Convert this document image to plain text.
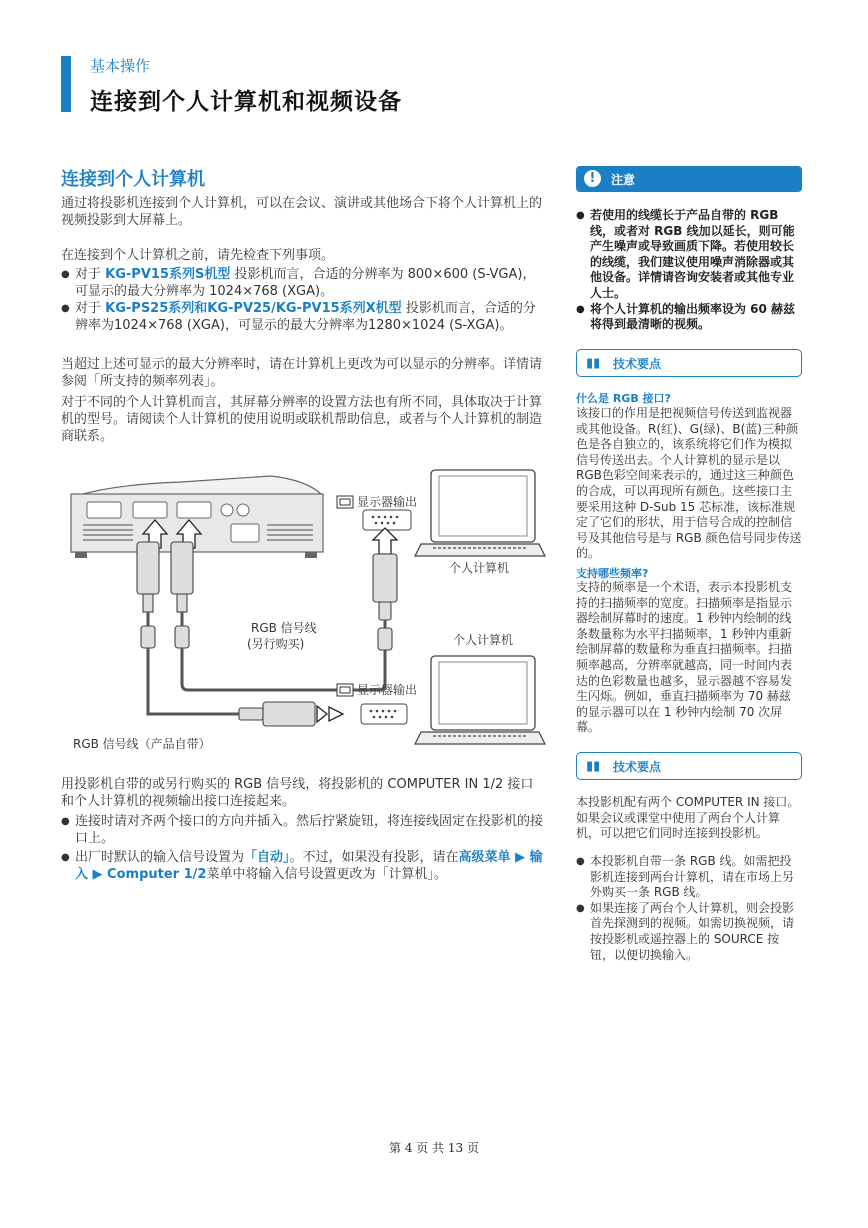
基本操作
连接到个人计算机和视频设备
连接到个人计算机
通过将投影机连接到个人计算机，可以在会议、演讲或其他场合下将个人计算机上的视频投影到大屏幕上。
在连接到个人计算机之前，请先检查下列事项。
● 对于 KG-PV15系列S机型 投影机而言，合适的分辨率为 800×600 (S-VGA)，可显示的最大分辨率为 1024×768 (XGA)。
● 对于 KG-PS25系列和KG-PV25/KG-PV15系列X机型 投影机而言，合适的分辨率为1024×768 (XGA)，可显示的最大分辨率为1280×1024 (S-XGA)。
当超过上述可显示的最大分辨率时，请在计算机上更改为可以显示的分辨率。详情请参阅「所支持的频率列表」。
对于不同的个人计算机而言，其屏幕分辨率的设置方法也有所不同，具体取决于计算机的型号。请阅读个人计算机的使用说明或联机帮助信息，或者与个人计算机的制造商联系。
显示器输出
个人计算机
RGB 信号线
(另行购买)	个人计算机
显示器输出
RGB 信号线（产品自带）
用投影机自带的或另行购买的 RGB 信号线，将投影机的 COMPUTER IN 1/2 接口和个人计算机的视频输出接口连接起来。
● 连接时请对齐两个接口的方向并插入。然后拧紧旋钮，将连接线固定在投影机的接口上。
● 出厂时默认的输入信号设置为「自动」。不过，如果没有投影，请在高级菜单 ▶ 输入 ▶ Computer 1/2菜单中将输入信号设置更改为「计算机」。
!	注意
● 若使用的线缆长于产品自带的 RGB 线，或者对 RGB 线加以延长，则可能产生噪声或导致画质下降。若使用较长的线缆，我们建议使用噪声消除器或其他设备。详情请咨询安装者或其他专业人士。
● 将个人计算机的输出频率设为 60 赫兹将得到最清晰的视频。
▮▮ 技术要点
什么是 RGB 接口?
该接口的作用是把视频信号传送到监视器或其他设备。R(红)、G(绿)、B(蓝)三种颜色是各自独立的，该系统将它们作为模拟信号传送出去。个人计算机的显示是以RGB色彩空间来表示的，通过这三种颜色的合成，可以再现所有颜色。这些接口主要采用这种 D-Sub 15 芯标准，该标准规定了它们的形状，用于信号合成的控制信号及其他信号是与 RGB 颜色信号同步传送的。
支持哪些频率?
支持的频率是一个术语，表示本投影机支持的扫描频率的宽度。扫描频率是指显示器绘制屏幕时的速度。1 秒钟内绘制的线条数量称为水平扫描频率，1 秒钟内重新绘制屏幕的数量称为垂直扫描频率。扫描频率越高，分辨率就越高，同一时间内表达的色彩数量也越多，显示器越不容易发生闪烁。例如，垂直扫描频率为 70 赫兹的显示器可以在 1 秒钟内绘制 70 次屏幕。
▮▮ 技术要点
本投影机配有两个 COMPUTER IN 接口。如果会议或课堂中使用了两台个人计算机，可以把它们同时连接到投影机。
● 本投影机自带一条 RGB 线。如需把投影机连接到两台计算机，请在市场上另外购买一条 RGB 线。
● 如果连接了两台个人计算机，则会投影首先探测到的视频。如需切换视频，请按投影机或遥控器上的 SOURCE 按钮，以便切换输入。
第 4 页 共 13 页
